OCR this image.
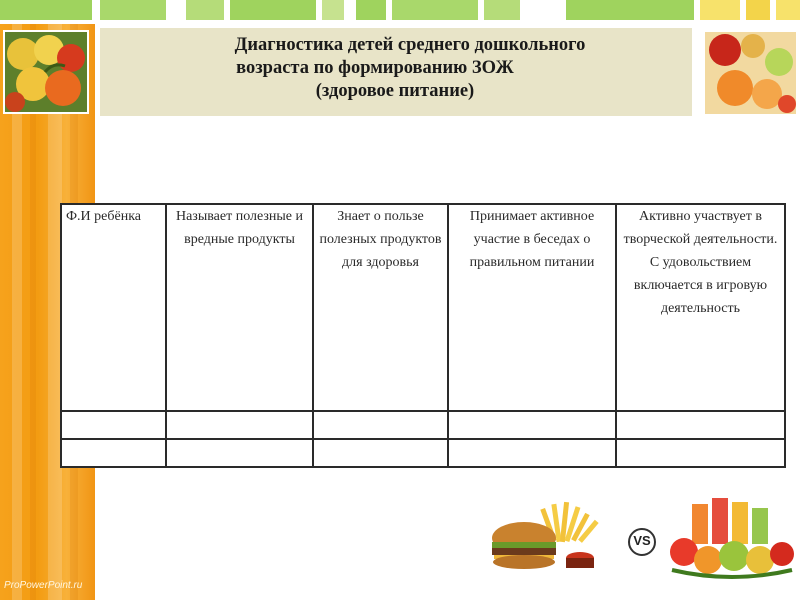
Диагностика детей среднего дошкольного
возраста по формированию ЗОЖ
(здоровое питание)
Ф.И ребёнка	Называет полезные и вредные продукты	Знает о пользе полезных продуктов для здоровья	Принимает активное участие в беседах о правильном питании	Активно участвует в творческой деятельности. С удовольствием включается в игровую деятельность

VS
ProPowerPoint.ru
